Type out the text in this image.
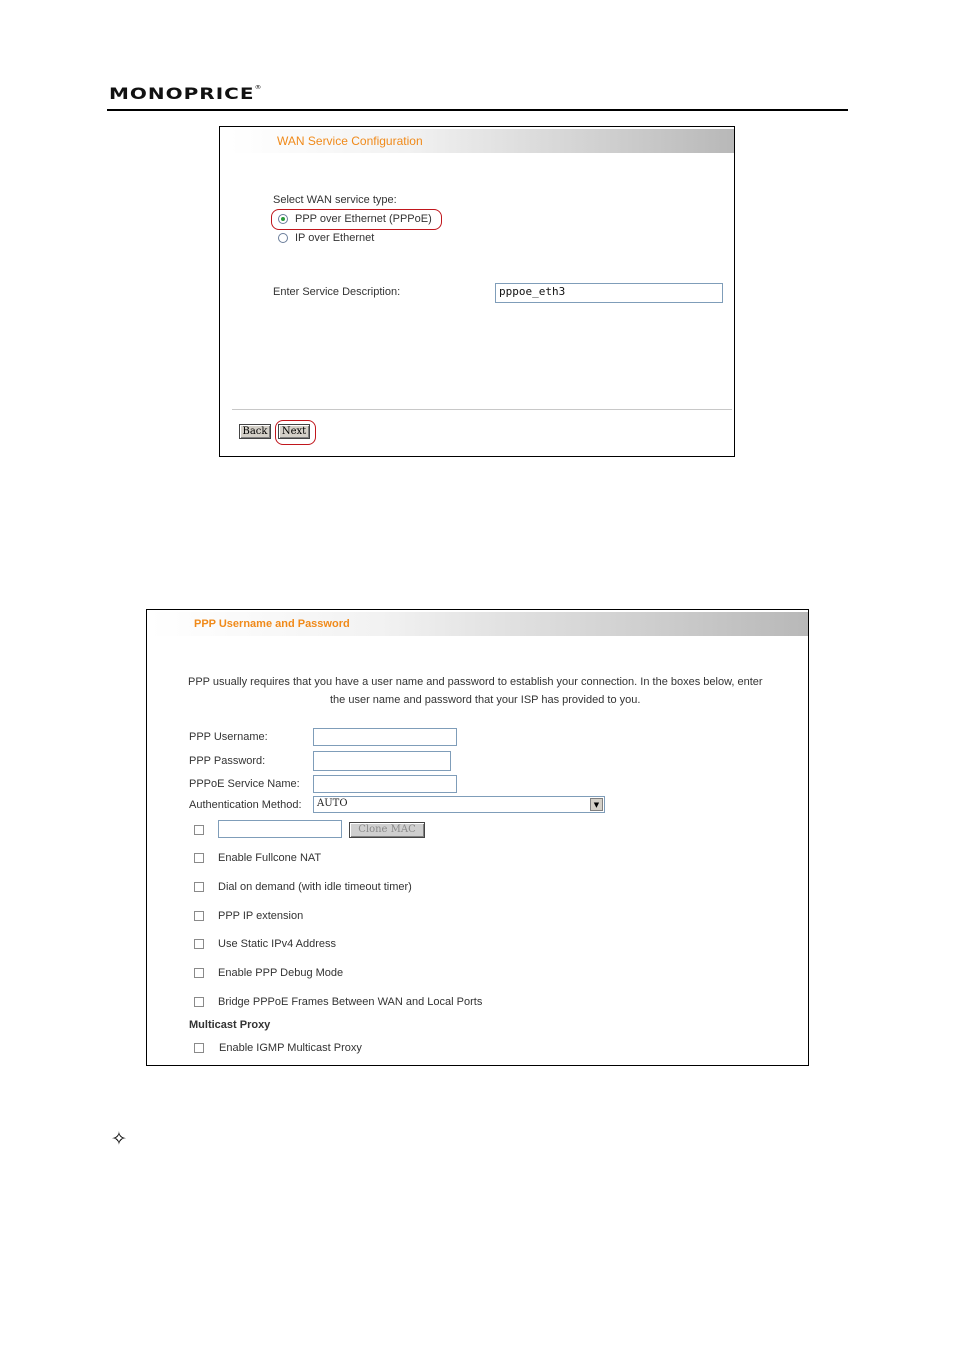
MONOPRICE®
WAN Service Configuration
Select WAN service type:
PPP over Ethernet (PPPoE)
IP over Ethernet
Enter Service Description:	pppoe_eth3
Back	Next
PPP Username and Password
PPP usually requires that you have a user name and password to establish your connection. In the boxes below, enter
the user name and password that your ISP has provided to you.
PPP Username:
PPP Password:
PPPoE Service Name:
Authentication Method:	AUTO	▼
Clone MAC
Enable Fullcone NAT
Dial on demand (with idle timeout timer)
PPP IP extension
Use Static IPv4 Address
Enable PPP Debug Mode
Bridge PPPoE Frames Between WAN and Local Ports
Multicast Proxy
Enable IGMP Multicast Proxy
✧
